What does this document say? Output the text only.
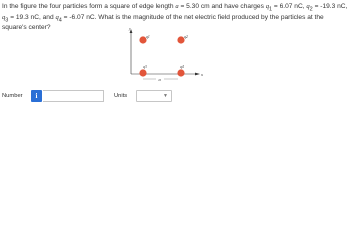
In the figure the four particles form a square of edge length a = 5.30 cm and have charges $q_1 = 6.07$ nC, $q_2 = -19.3$ nC, $q_3 = 19.3$ nC, and $q_4 = -6.07$ nC. What is the magnitude of the net electric field produced by the particles at the square's center?	y
x
a
q1	q2
q3	q4
Number	i	Units	▼
